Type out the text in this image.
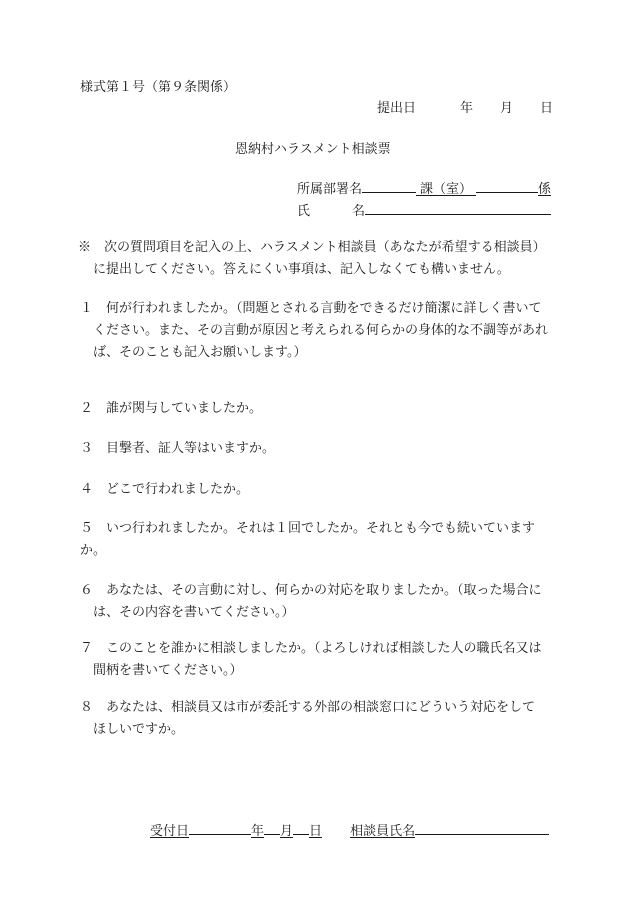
様式第１号（第９条関係）
提出日	年 月 日
恩納村ハラスメント相談票
所属部署名	課（室）	係
氏	名
※　次の質問項目を記入の上、ハラスメント相談員（あなたが希望する相談員）
に提出してください。答えにくい事項は、記入しなくても構いません。
１　何が行われましたか。（問題とされる言動をできるだけ簡潔に詳しく書いて
ください。また、その言動が原因と考えられる何らかの身体的な不調等があれ
ば、そのことも記入お願いします。）
２　誰が関与していましたか。
３　目撃者、証人等はいますか。
４　どこで行われましたか。
５　いつ行われましたか。それは１回でしたか。それとも今でも続いています
か。
６　あなたは、その言動に対し、何らかの対応を取りましたか。（取った場合に
は、その内容を書いてください。）
７　このことを誰かに相談しましたか。（よろしければ相談した人の職氏名又は
間柄を書いてください。）
８　あなたは、相談員又は市が委託する外部の相談窓口にどういう対応をして
ほしいですか。
受付日	年 月 日 相談員氏名
